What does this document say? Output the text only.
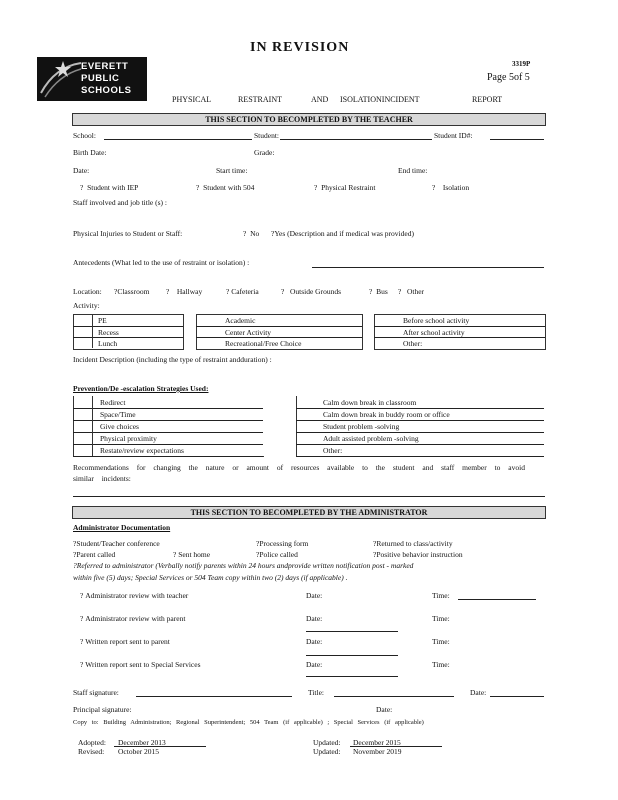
IN REVISION
3319P
Page 5of 5
EVERETT
PUBLIC
SCHOOLS
PHYSICAL	RESTRAINT	AND ISOLATIONINCIDENT	REPORT
THIS SECTION TO BECOMPLETED BY THE TEACHER
School:	Student:	Student ID#:
Birth Date:	Grade:
Date:	Start time:	End time:
? Student with IEP	? Student with 504	? Physical Restraint	? Isolation
Staff involved and job title (s) :
Physical Injuries to Student or Staff:	? No ?Yes (Description and if medical was provided)
Antecedents (What led to the use of restraint or isolation) :
Location: ?Classroom ? Hallway	? Cafeteria	? Outside Grounds	? Bus ? Other
Activity:
PE
Recess
Lunch
Academic
Center Activity
Recreational/Free Choice
Before school activity
After school activity
Other:
Incident Description (including the type of restraint andduration) :
Prevention/De -escalation Strategies Used:
Redirect
Space/Time
Give choices
Physical proximity
Restate/review expectations
Calm down break in classroom
Calm down break in buddy room or office
Student problem -solving
Adult assisted problem -solving
Other:
Recommendations for changing the nature or amount of resources available to the student and staff member to avoid similar incidents:
THIS SECTION TO BECOMPLETED BY THE ADMINISTRATOR
Administrator Documentation
?Student/Teacher conference	?Processing form	?Returned to class/activity
?Parent called	? Sent home	?Police called	?Positive behavior instruction
?Referred to administrator (Verbally notify parents within 24 hours andprovide written notification post - marked
within five (5) days; Special Services or 504 Team copy within two (2) days (if applicable) .
? Administrator review with teacher	Date:	Time:
? Administrator review with parent	Date:	Time:
? Written report sent to parent	Date:	Time:
? Written report sent to Special Services	Date:	Time:
Staff signature:	Title:	Date:
Principal signature:	Date:
Copy to: Building Administration; Regional Superintendent; 504 Team (if applicable) ; Special Services (if applicable)
Adopted: December 2013
Revised: October 2015
Updated: December 2015
Updated: November 2019
